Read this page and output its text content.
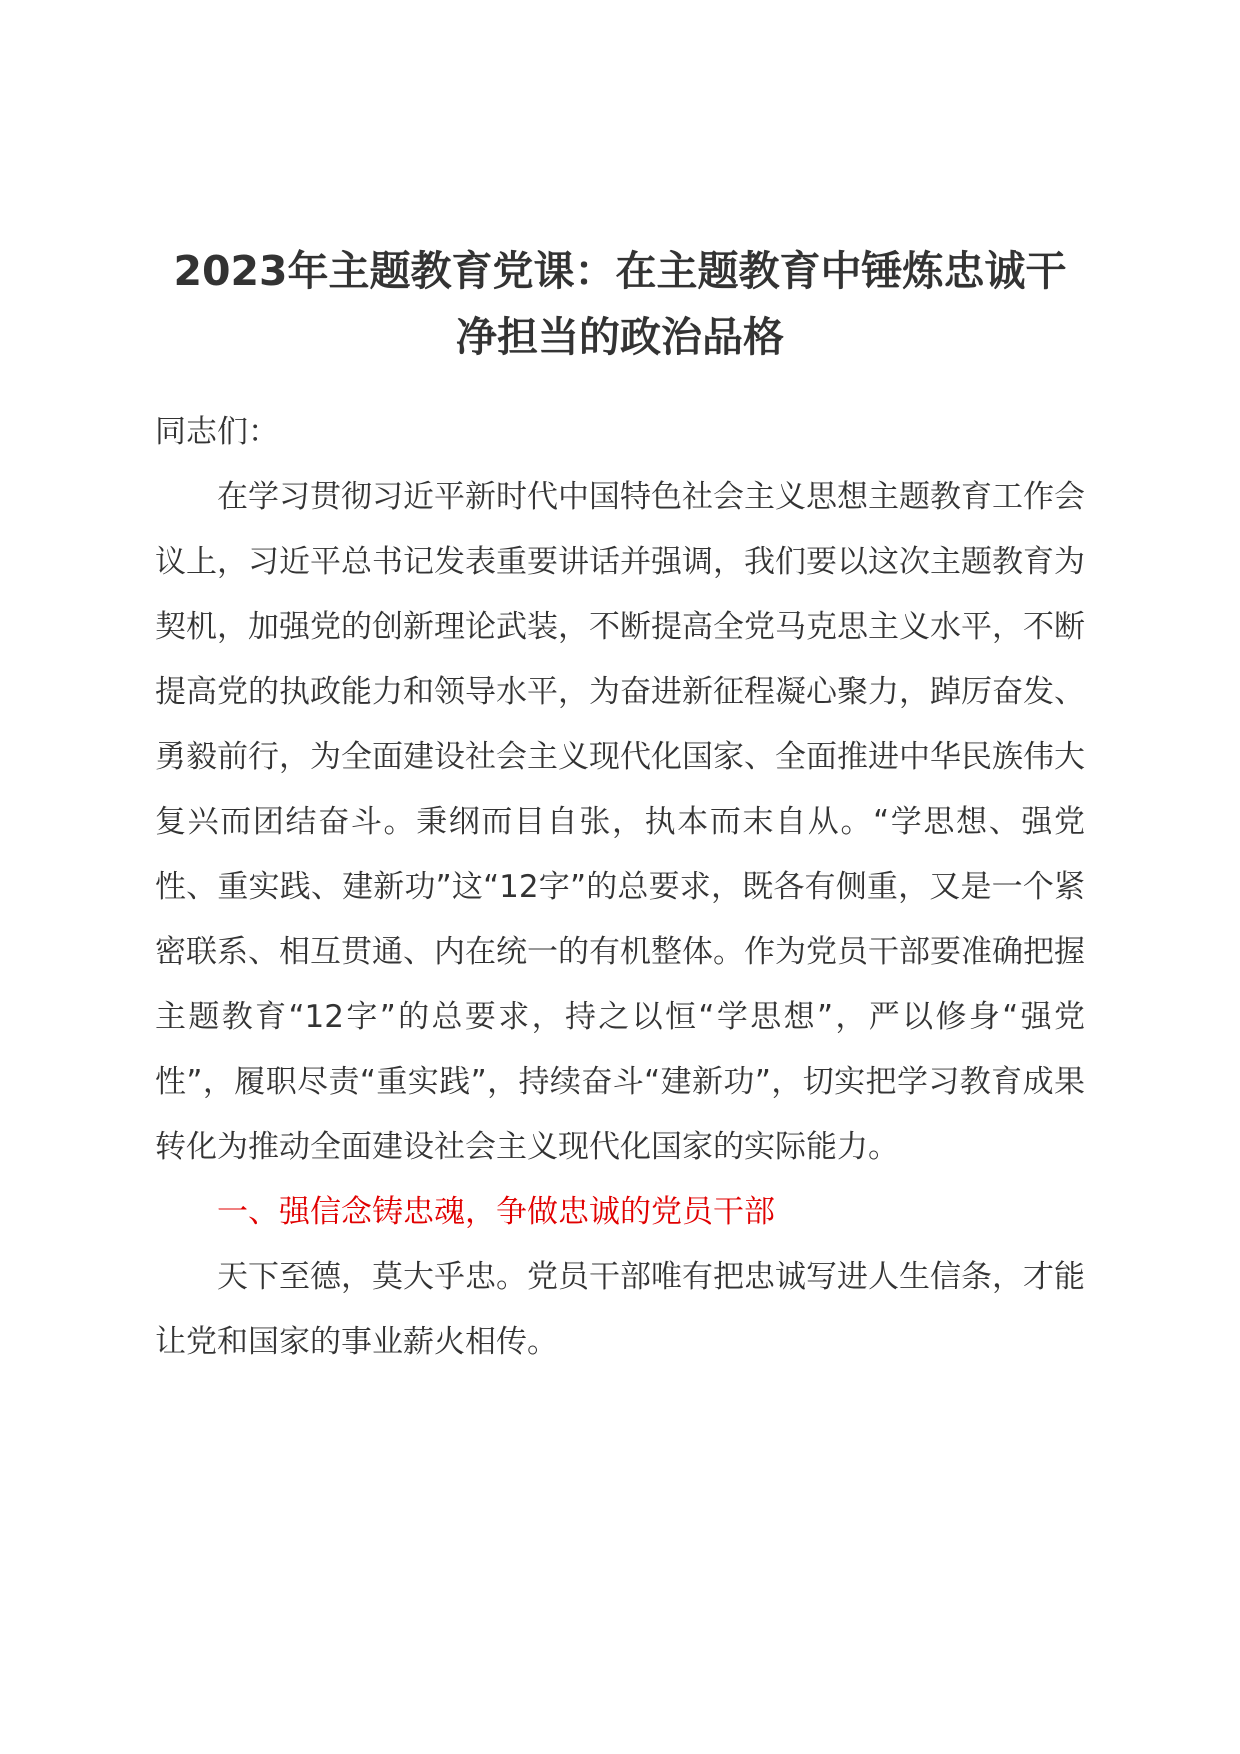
2023年主题教育党课：在主题教育中锤炼忠诚干净担当的政治品格

同志们：

在学习贯彻习近平新时代中国特色社会主义思想主题教育工作会议上，习近平总书记发表重要讲话并强调，我们要以这次主题教育为契机，加强党的创新理论武装，不断提高全党马克思主义水平，不断提高党的执政能力和领导水平，为奋进新征程凝心聚力，踔厉奋发、勇毅前行，为全面建设社会主义现代化国家、全面推进中华民族伟大复兴而团结奋斗。秉纲而目自张，执本而末自从。“学思想、强党性、重实践、建新功”这“12字”的总要求，既各有侧重，又是一个紧密联系、相互贯通、内在统一的有机整体。作为党员干部要准确把握主题教育“12字”的总要求，持之以恒“学思想”，严以修身“强党性”，履职尽责“重实践”，持续奋斗“建新功”，切实把学习教育成果转化为推动全面建设社会主义现代化国家的实际能力。

一、强信念铸忠魂，争做忠诚的党员干部

天下至德，莫大乎忠。党员干部唯有把忠诚写进人生信条，才能让党和国家的事业薪火相传。
